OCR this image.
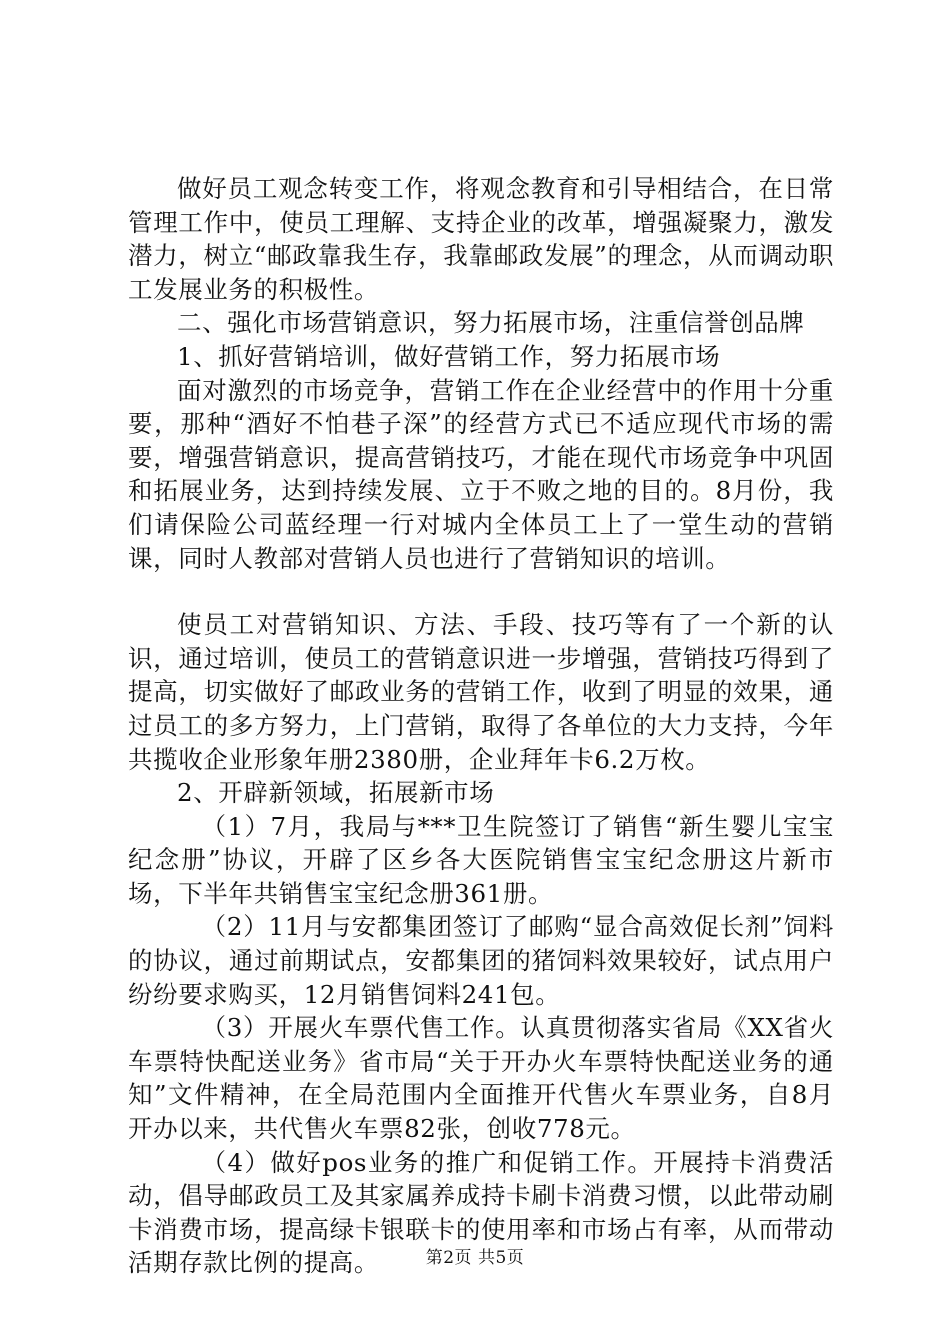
做好员工观念转变工作，将观念教育和引导相结合，在日常管理工作中，使员工理解、支持企业的改革，增强凝聚力，激发潜力，树立“邮政靠我生存，我靠邮政发展”的理念，从而调动职工发展业务的积极性。

二、强化市场营销意识，努力拓展市场，注重信誉创品牌

1、抓好营销培训，做好营销工作，努力拓展市场

面对激烈的市场竞争，营销工作在企业经营中的作用十分重要，那种“酒好不怕巷子深”的经营方式已不适应现代市场的需要，增强营销意识，提高营销技巧，才能在现代市场竞争中巩固和拓展业务，达到持续发展、立于不败之地的目的。8月份，我们请保险公司蓝经理一行对城内全体员工上了一堂生动的营销课，同时人教部对营销人员也进行了营销知识的培训。

使员工对营销知识、方法、手段、技巧等有了一个新的认识，通过培训，使员工的营销意识进一步增强，营销技巧得到了提高，切实做好了邮政业务的营销工作，收到了明显的效果，通过员工的多方努力，上门营销，取得了各单位的大力支持，今年共揽收企业形象年册2380册，企业拜年卡6.2万枚。

2、开辟新领域，拓展新市场

（1）7月，我局与***卫生院签订了销售“新生婴儿宝宝纪念册”协议，开辟了区乡各大医院销售宝宝纪念册这片新市场，下半年共销售宝宝纪念册361册。

（2）11月与安都集团签订了邮购“显合高效促长剂”饲料的协议，通过前期试点，安都集团的猪饲料效果较好，试点用户纷纷要求购买，12月销售饲料241包。

（3）开展火车票代售工作。认真贯彻落实省局《XX省火车票特快配送业务》省市局“关于开办火车票特快配送业务的通知”文件精神，在全局范围内全面推开代售火车票业务，自8月开办以来，共代售火车票82张，创收778元。

（4）做好pos业务的推广和促销工作。开展持卡消费活动，倡导邮政员工及其家属养成持卡刷卡消费习惯，以此带动刷卡消费市场，提高绿卡银联卡的使用率和市场占有率，从而带动活期存款比例的提高。	第2页 共5页
